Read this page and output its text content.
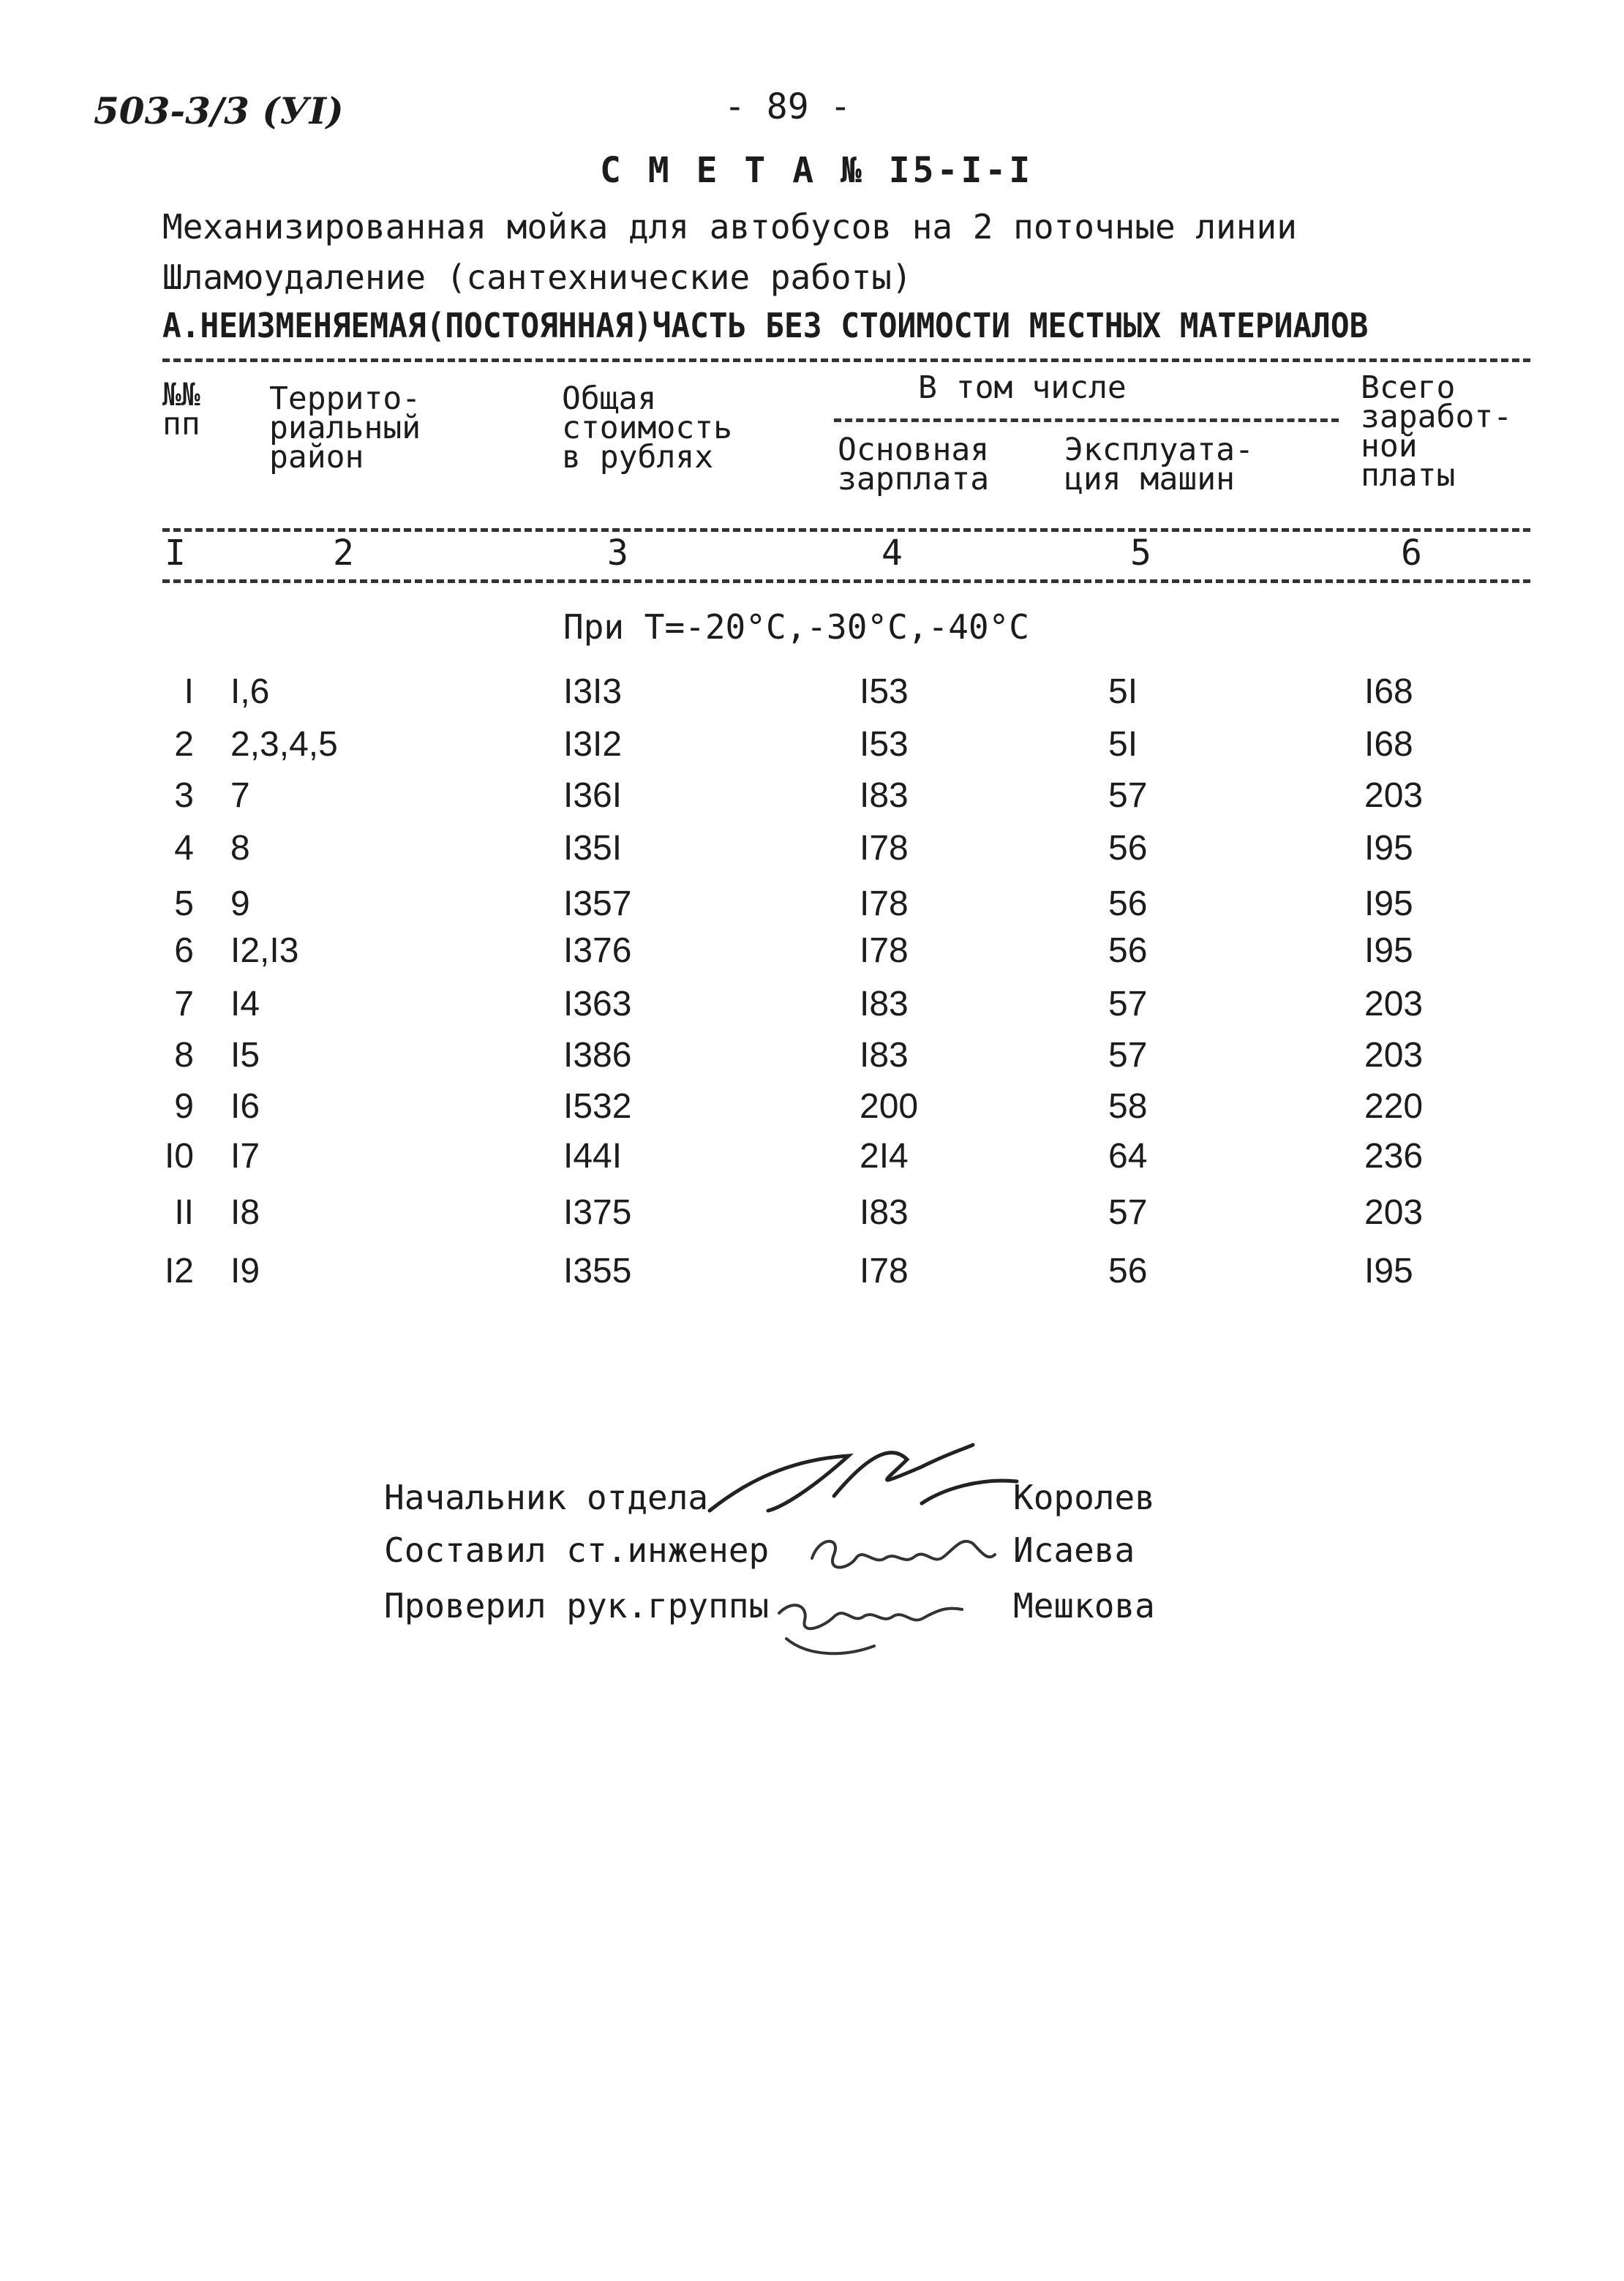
503-3/3 (УI)	- 89 -
С М Е Т А № I5-I-I
Механизированная мойка для автобусов на 2 поточные линии
Шламоудаление (сантехнические работы)
А.НЕИЗМЕНЯЕМАЯ(ПОСТОЯННАЯ)ЧАСТЬ БЕЗ СТОИМОСТИ МЕСТНЫХ МАТЕРИАЛОВ
№№
пп
Террито-
риальный
район
Общая
стоимость
в рублях
В том числе
Основная
зарплата
Эксплуата-
ция машин
Всего
заработ-
ной
платы
I	2	3	4	5	6
При Т=-20°С,-30°С,-40°С
I I,6	I3I3	I53	5I	I68
2 2,3,4,5	I3I2	I53	5I	I68
3 7	I36I	I83	57	203
4 8	I35I	I78	56	I95
5 9	I357	I78	56	I95
6 I2,I3	I376	I78	56	I95
7 I4	I363	I83	57	203
8 I5	I386	I83	57	203
9 I6	I532	200	58	220
I0 I7	I44I	2I4	64	236
II I8	I375	I83	57	203
I2 I9	I355	I78	56	I95
Начальник отдела	Королев
Составил ст.инженер	Исаева
Проверил рук.группы	Мешкова
